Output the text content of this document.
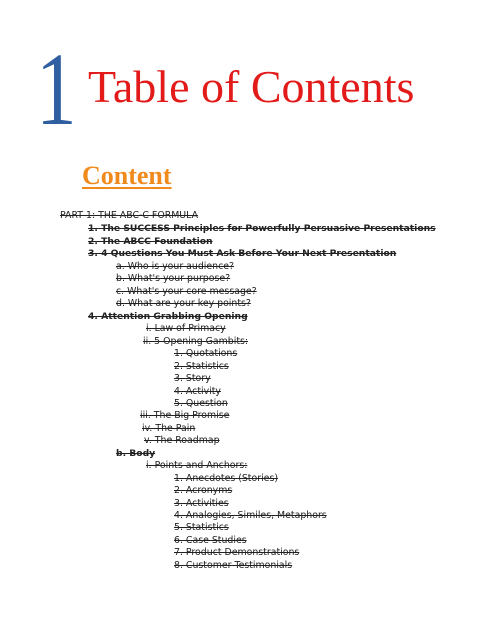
1 Table of Contents
Content
PART 1: THE ABC-C FORMULA
1. The SUCCESS Principles for Powerfully Persuasive Presentations
2. The ABCC Foundation
3. 4 Questions You Must Ask Before Your Next Presentation
a. Who is your audience?
b. What's your purpose?
c. What's your core message?
d. What are your key points?
4. Attention Grabbing Opening
i. Law of Primacy
ii. 5 Opening Gambits:
1. Quotations
2. Statistics
3. Story
4. Activity
5. Question
iii. The Big Promise
iv. The Pain
v. The Roadmap
b. Body
i. Points and Anchors:
1. Anecdotes (Stories)
2. Acronyms
3. Activities
4. Analogies, Similes, Metaphors
5. Statistics
6. Case Studies
7. Product Demonstrations
8. Customer Testimonials
